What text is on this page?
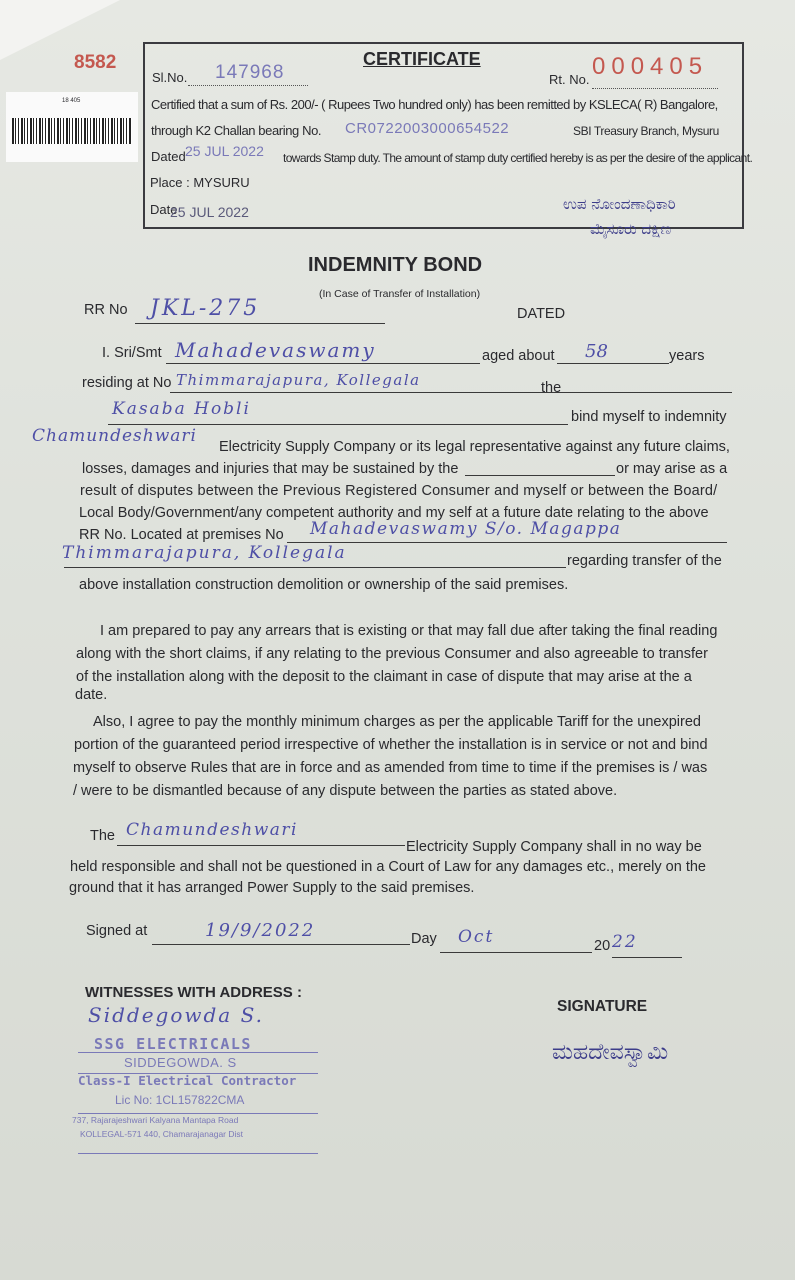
8582
18 405
CERTIFICATE
Sl.No. 147968	Rt. No. 000405
Certified that a sum of Rs. 200/- ( Rupees Two hundred only) has been remitted by KSLECA( R) Bangalore,
through K2 Challan bearing No. CR0722003000654522	SBI Treasury Branch, Mysuru
Dated 25 JUL 2022 towards Stamp duty. The amount of stamp duty certified hereby is as per the desire of the applicant.
Place : MYSURU
Date
25 JUL 2022	ಉಪ ನೋಂದಣಾಧಿಕಾರಿ
ಮೈಸೂರು ದಕ್ಷಿಣ
INDEMNITY BOND
(In Case of Transfer of Installation)
RR No JKL-275	DATED
I. Sri/Smt Mahadevaswamy	aged about 58	years
residing at No Thimmarajapura, Kollegala	the
Kasaba Hobli	bind myself to indemnity
Chamundeshwari
Electricity Supply Company or its legal representative against any future claims,
losses, damages and injuries that may be sustained by the	or may arise as a
result of disputes between the Previous Registered Consumer and myself or between the Board/
Local Body/Government/any competent authority and my self at a future date relating to the above
RR No. Located at premises No Mahadevaswamy S/o. Magappa
Thimmarajapura, Kollegala	regarding transfer of the
above installation construction demolition or ownership of the said premises.
I am prepared to pay any arrears that is existing or that may fall due after taking the final reading
along with the short claims, if any relating to the previous Consumer and also agreeable to transfer
of the installation along with the deposit to the claimant in case of dispute that may arise at the a
date.
Also, I agree to pay the monthly minimum charges as per the applicable Tariff for the unexpired
portion of the guaranteed period irrespective of whether the installation is in service or not and bind
myself to observe Rules that are in force and as amended from time to time if the premises is / was
/ were to be dismantled because of any dispute between the parties as stated above.
The Chamundeshwari
Electricity Supply Company shall in no way be
held responsible and shall not be questioned in a Court of Law for any damages etc., merely on the
ground that it has arranged Power Supply to the said premises.
Signed at	19/9/2022	Day Oct	20 22
WITNESSES WITH ADDRESS :
SIGNATURE
Siddegowda S.
SSG ELECTRICALS
SIDDEGOWDA. S
Class-I Electrical Contractor
Lic No: 1CL157822CMA
737, Rajarajeshwari Kalyana Mantapa Road
KOLLEGAL-571 440, Chamarajanagar Dist
ಮಹದೇವಸ್ವಾಮಿ
